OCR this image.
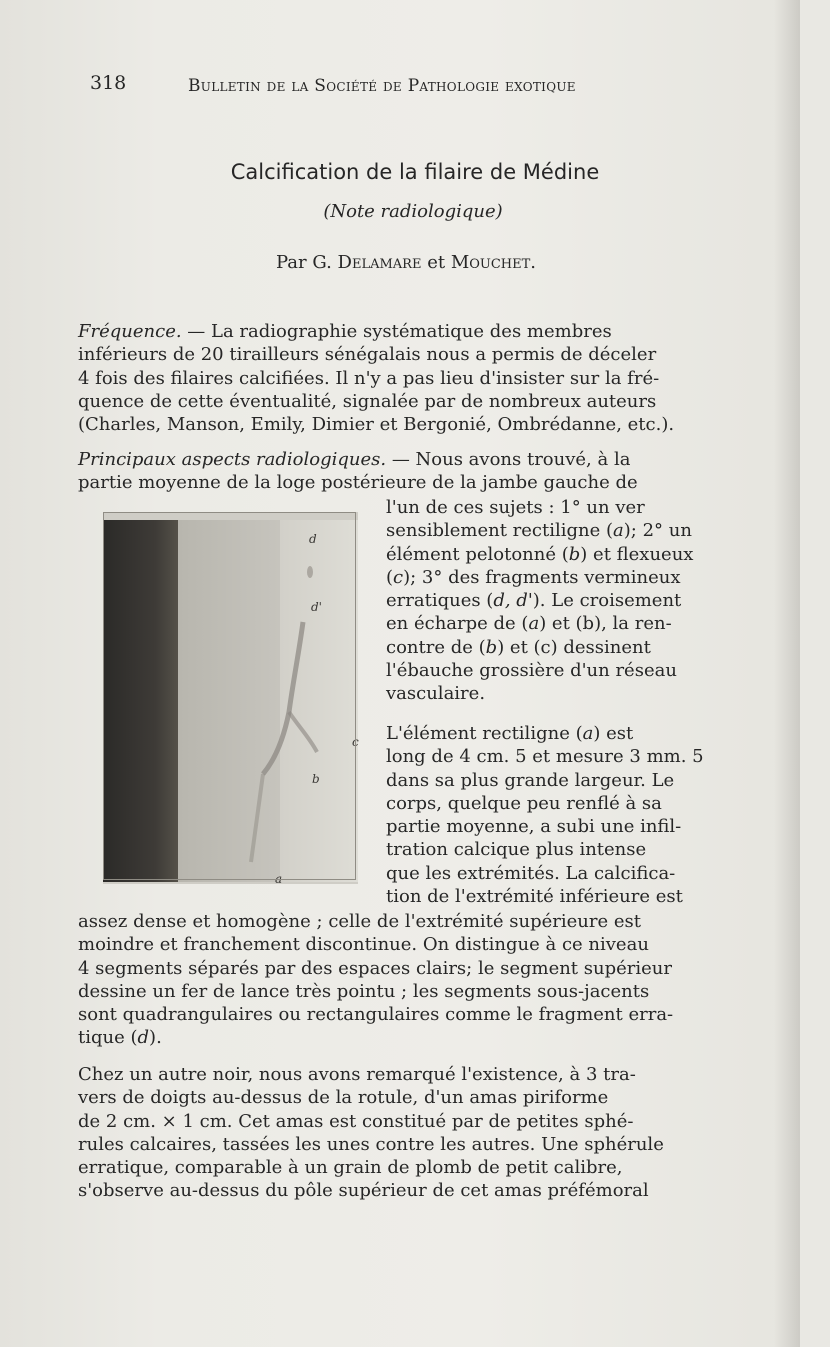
318	Bulletin de la Société de Pathologie exotique
Calcification de la filaire de Médine
(Note radiologique)
Par G. Delamare et Mouchet.
Fréquence. — La radiographie systématique des membres
inférieurs de 20 tirailleurs sénégalais nous a permis de déceler
4 fois des filaires calcifiées. Il n'y a pas lieu d'insister sur la fré-
quence de cette éventualité, signalée par de nombreux auteurs
(Charles, Manson, Emily, Dimier et Bergonié, Ombrédanne, etc.).
Principaux aspects radiologiques. — Nous avons trouvé, à la
partie moyenne de la loge postérieure de la jambe gauche de
l'un de ces sujets : 1° un ver
sensiblement rectiligne (a); 2° un
élément pelotonné (b) et flexueux
(c); 3° des fragments vermineux
erratiques (d, d'). Le croisement
en écharpe de (a) et (b), la ren-
contre de (b) et (c) dessinent
l'ébauche grossière d'un réseau
vasculaire.
L'élément rectiligne (a) est
long de 4 cm. 5 et mesure 3 mm. 5
dans sa plus grande largeur. Le
corps, quelque peu renflé à sa
partie moyenne, a subi une infil-
tration calcique plus intense
que les extrémités. La calcifica-
tion de l'extrémité inférieure est
assez dense et homogène ; celle de l'extrémité supérieure est
moindre et franchement discontinue. On distingue à ce niveau
4 segments séparés par des espaces clairs; le segment supérieur
dessine un fer de lance très pointu ; les segments sous-jacents
sont quadrangulaires ou rectangulaires comme le fragment erra-
tique (d).
Chez un autre noir, nous avons remarqué l'existence, à 3 tra-
vers de doigts au-dessus de la rotule, d'un amas piriforme
de 2 cm. × 1 cm. Cet amas est constitué par de petites sphé-
rules calcaires, tassées les unes contre les autres. Une sphérule
erratique, comparable à un grain de plomb de petit calibre,
s'observe au-dessus du pôle supérieur de cet amas préfémoral
d
d'
c
b
a
